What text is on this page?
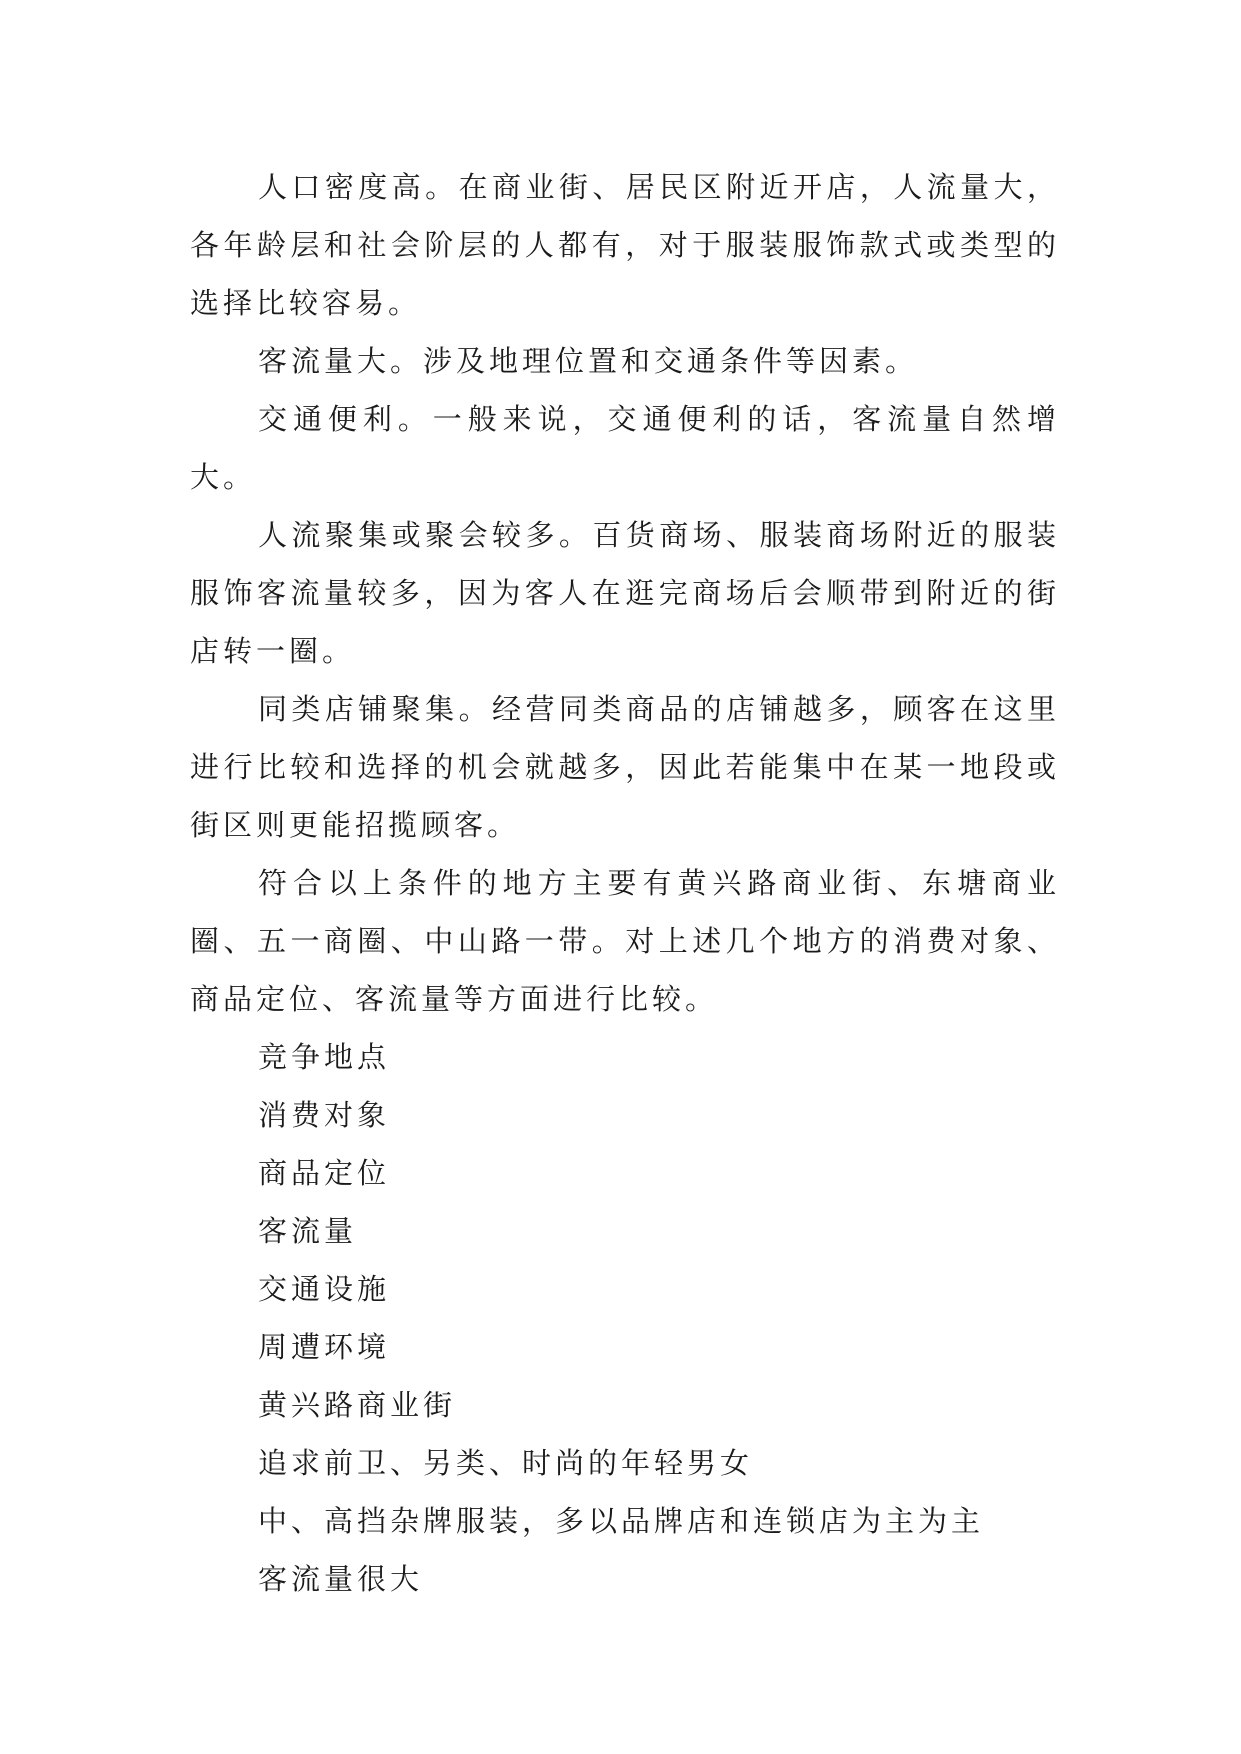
人口密度高。在商业街、居民区附近开店，人流量大，各年龄层和社会阶层的人都有，对于服装服饰款式或类型的选择比较容易。

客流量大。涉及地理位置和交通条件等因素。

交通便利。一般来说，交通便利的话，客流量自然增大。

人流聚集或聚会较多。百货商场、服装商场附近的服装服饰客流量较多，因为客人在逛完商场后会顺带到附近的街店转一圈。

同类店铺聚集。经营同类商品的店铺越多，顾客在这里进行比较和选择的机会就越多，因此若能集中在某一地段或街区则更能招揽顾客。

符合以上条件的地方主要有黄兴路商业街、东塘商业圈、五一商圈、中山路一带。对上述几个地方的消费对象、商品定位、客流量等方面进行比较。

竞争地点

消费对象

商品定位

客流量

交通设施

周遭环境

黄兴路商业街

追求前卫、另类、时尚的年轻男女

中、高挡杂牌服装，多以品牌店和连锁店为主为主

客流量很大
